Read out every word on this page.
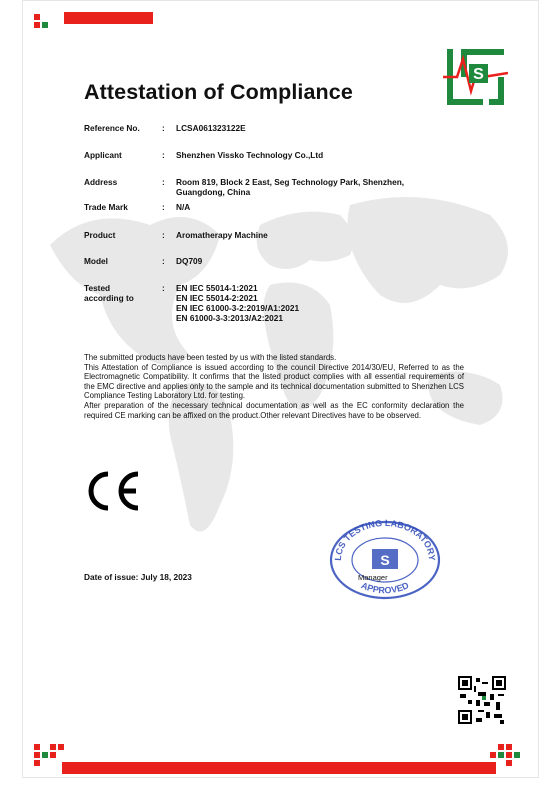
S
Attestation of Compliance
Reference No.	: LCSA061323122E
Applicant	: Shenzhen Vissko Technology Co.,Ltd
Address	: Room 819, Block 2 East, Seg Technology Park, Shenzhen, Guangdong, China
Trade Mark	: N/A
Product	: Aromatherapy Machine
Model	: DQ709
Tested
according to
: EN IEC 55014-1:2021
EN IEC 55014-2:2021
EN IEC 61000-3-2:2019/A1:2021
EN 61000-3-3:2013/A2:2021

The submitted products have been tested by us with the listed standards.

This Attestation of Compliance is issued according to the council Directive 2014/30/EU, Referred to as the Electromagnetic Compatibility. It confirms that the listed product complies with all essential requirements of the EMC directive and applies only to the sample and its technical documentation submitted to Shenzhen LCS Compliance Testing Laboratory Ltd. for testing.

After preparation of the necessary technical documentation as well as the EC conformity declaration the required CE marking can be affixed on the product.Other relevant Directives have to be observed.

LCS TESTING LABORATORY
APPROVED
S
Date of issue: July 18, 2023	Manager
